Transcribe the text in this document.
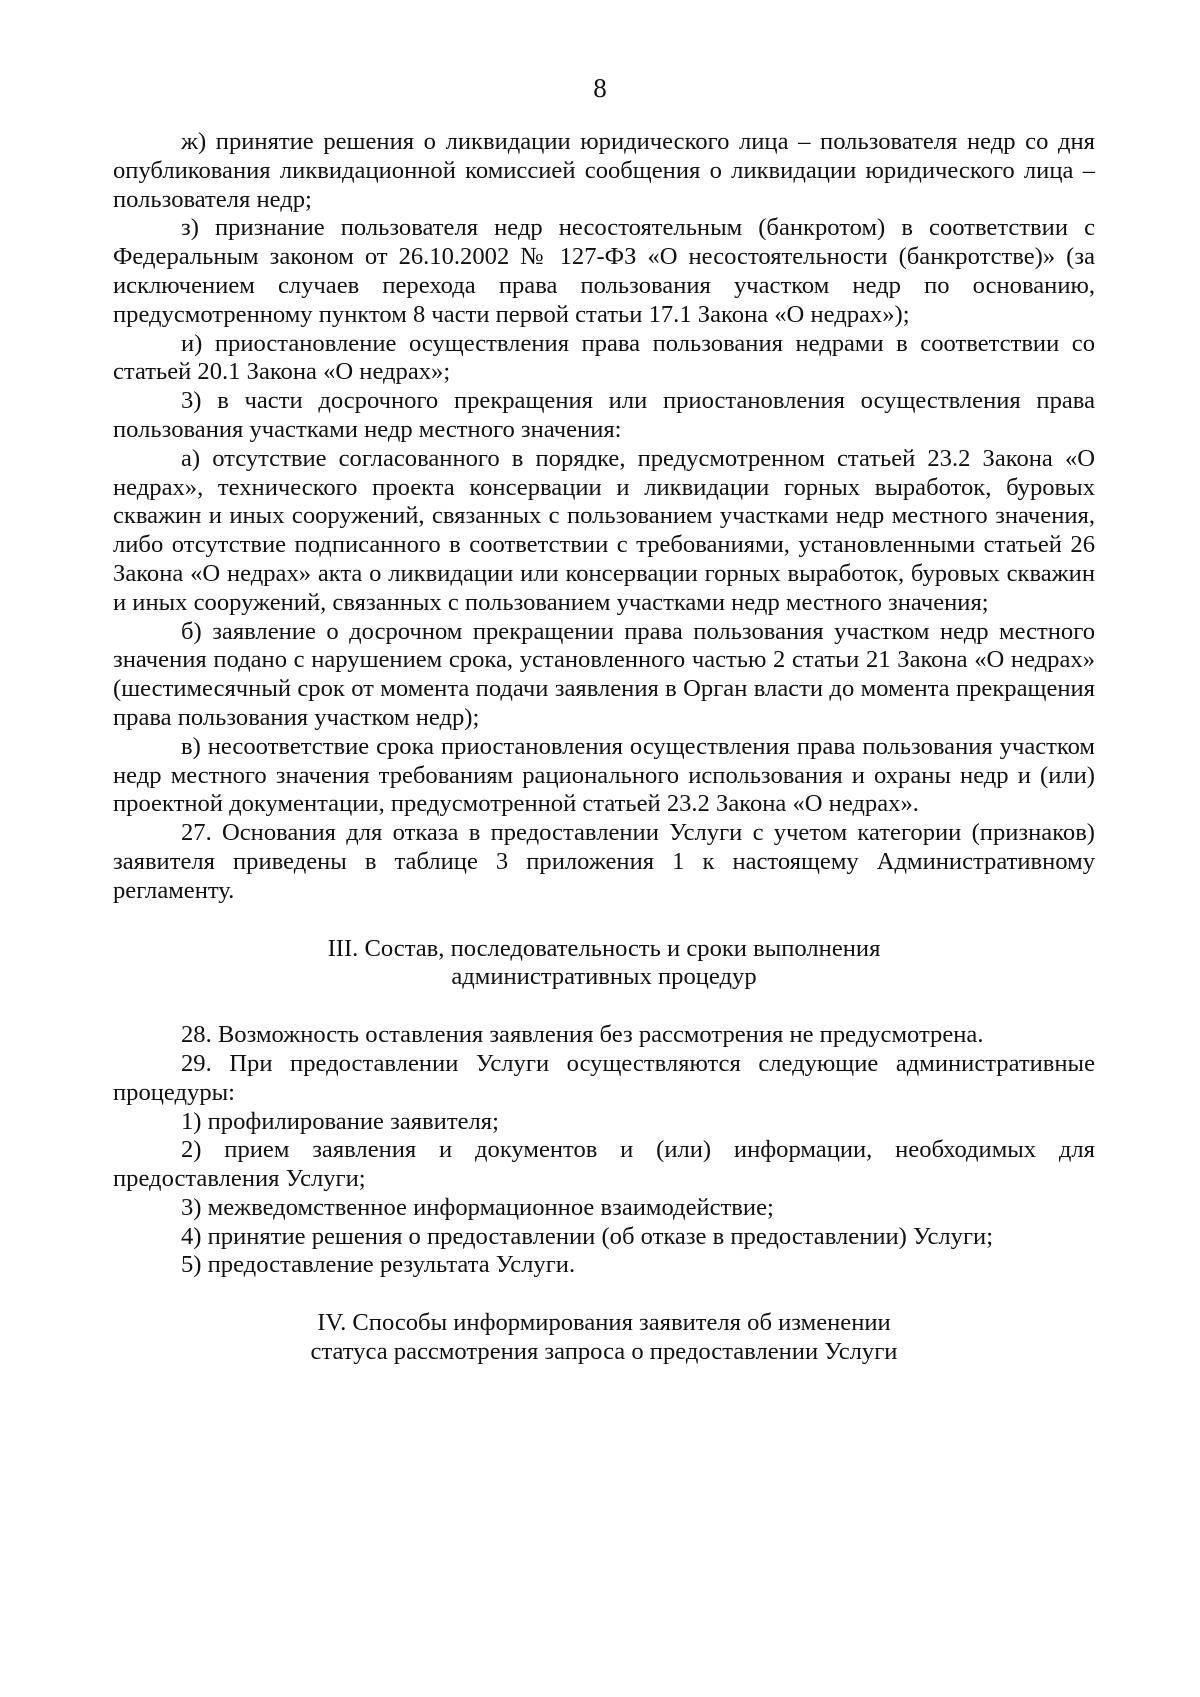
8

ж) принятие решения о ликвидации юридического лица – пользователя недр со дня опубликования ликвидационной комиссией сообщения о ликвидации юридического лица – пользователя недр;

з) признание пользователя недр несостоятельным (банкротом) в соответствии с Федеральным законом от 26.10.2002 № 127-ФЗ «О несостоятельности (банкротстве)» (за исключением случаев перехода права пользования участком недр по основанию, предусмотренному пунктом 8 части первой статьи 17.1 Закона «О недрах»);

и) приостановление осуществления права пользования недрами в соответствии со статьей 20.1 Закона «О недрах»;

3) в части досрочного прекращения или приостановления осуществления права пользования участками недр местного значения:

а) отсутствие согласованного в порядке, предусмотренном статьей 23.2 Закона «О недрах», технического проекта консервации и ликвидации горных выработок, буровых скважин и иных сооружений, связанных с пользованием участками недр местного значения, либо отсутствие подписанного в соответствии с требованиями, установленными статьей 26 Закона «О недрах» акта о ликвидации или консервации горных выработок, буровых скважин и иных сооружений, связанных с пользованием участками недр местного значения;

б) заявление о досрочном прекращении права пользования участком недр местного значения подано с нарушением срока, установленного частью 2 статьи 21 Закона «О недрах» (шестимесячный срок от момента подачи заявления в Орган власти до момента прекращения права пользования участком недр);

в) несоответствие срока приостановления осуществления права пользования участком недр местного значения требованиям рационального использования и охраны недр и (или) проектной документации, предусмотренной статьей 23.2 Закона «О недрах».

27. Основания для отказа в предоставлении Услуги с учетом категории (признаков) заявителя приведены в таблице 3 приложения 1 к настоящему Административному регламенту.

III. Состав, последовательность и сроки выполнения

административных процедур

28. Возможность оставления заявления без рассмотрения не предусмотрена.

29. При предоставлении Услуги осуществляются следующие административные процедуры:

1) профилирование заявителя;

2) прием заявления и документов и (или) информации, необходимых для предоставления Услуги;

3) межведомственное информационное взаимодействие;

4) принятие решения о предоставлении (об отказе в предоставлении) Услуги;

5) предоставление результата Услуги.

IV. Способы информирования заявителя об изменении

статуса рассмотрения запроса о предоставлении Услуги
